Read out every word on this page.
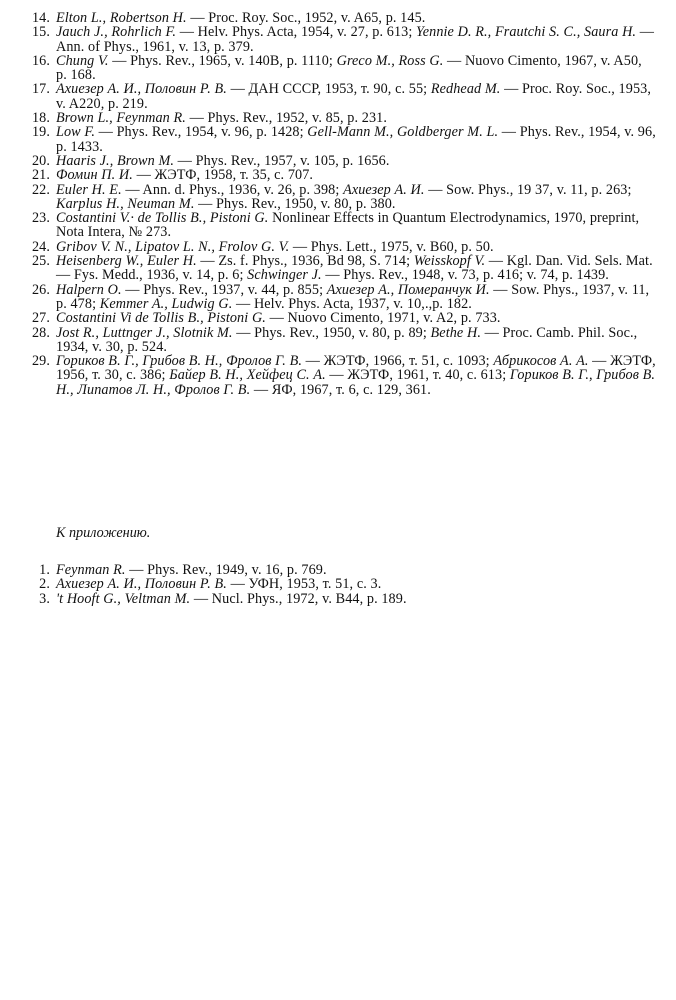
14. Elton L., Robertson H. — Proc. Roy. Soc., 1952, v. A65, p. 145.
15. Jauch J., Rohrlich F. — Helv. Phys. Acta, 1954, v. 27, p. 613; Yennie D. R., Frautchi S. C., Saura H. — Ann. of Phys., 1961, v. 13, p. 379.
16. Chung V. — Phys. Rev., 1965, v. 140B, p. 1110; Greco M., Ross G. — Nuovo Cimento, 1967, v. A50, p. 168.
17. Ахиезер А. И., Половин Р. В. — ДАН СССР, 1953, т. 90, с. 55; Redhead M. — Proc. Roy. Soc., 1953, v. A220, p. 219.
18. Brown L., Feynman R. — Phys. Rev., 1952, v. 85, p. 231.
19. Low F. — Phys. Rev., 1954, v. 96, p. 1428; Gell-Mann M., Goldberger M. L. — Phys. Rev., 1954, v. 96, p. 1433.
20. Haaris J., Brown M. — Phys. Rev., 1957, v. 105, p. 1656.
21. Фомин П. И. — ЖЭТФ, 1958, т. 35, с. 707.
22. Euler H. E. — Ann. d. Phys., 1936, v. 26, p. 398; Ахиезер А. И. — Sow. Phys., 19 37, v. 11, p. 263; Karplus H., Neuman M. — Phys. Rev., 1950, v. 80, p. 380.
23. Costantini V.· de Tollis B., Pistoni G. Nonlinear Effects in Quantum Electrodynamics, 1970, preprint, Nota Intera, № 273.
24. Gribov V. N., Lipatov L. N., Frolov G. V. — Phys. Lett., 1975, v. B60, p. 50.
25. Heisenberg W., Euler H. — Zs. f. Phys., 1936, Bd 98, S. 714; Weisskopf V. — Kgl. Dan. Vid. Sels. Mat. — Fys. Medd., 1936, v. 14, p. 6; Schwinger J. — Phys. Rev., 1948, v. 73, p. 416; v. 74, p. 1439.
26. Halpern O. — Phys. Rev., 1937, v. 44, p. 855; Ахиезер А., Померанчук И. — Sow. Phys., 1937, v. 11, p. 478; Kemmer A., Ludwig G. — Helv. Phys. Acta, 1937, v. 10,.,p. 182.
27. Costantini Vi de Tollis B., Pistoni G. — Nuovo Cimento, 1971, v. A2, p. 733.
28. Jost R., Luttnger J., Slotnik M. — Phys. Rev., 1950, v. 80, p. 89; Bethe H. — Proc. Camb. Phil. Soc., 1934, v. 30, p. 524.
29. Гориков В. Г., Грибов В. Н., Фролов Г. В. — ЖЭТФ, 1966, т. 51, с. 1093; Абрикосов А. А. — ЖЭТФ, 1956, т. 30, с. 386; Байер В. Н., Хейфец С. А. — ЖЭТФ, 1961, т. 40, с. 613; Гориков В. Г., Грибов В. Н., Липатов Л. Н., Фролов Г. В. — ЯФ, 1967, т. 6, с. 129, 361.

К приложению.

1. Feynman R. — Phys. Rev., 1949, v. 16, p. 769.
2. Ахиезер А. И., Половин Р. В. — УФН, 1953, т. 51, с. 3.
3. 't Hooft G., Veltman M. — Nucl. Phys., 1972, v. B44, p. 189.
